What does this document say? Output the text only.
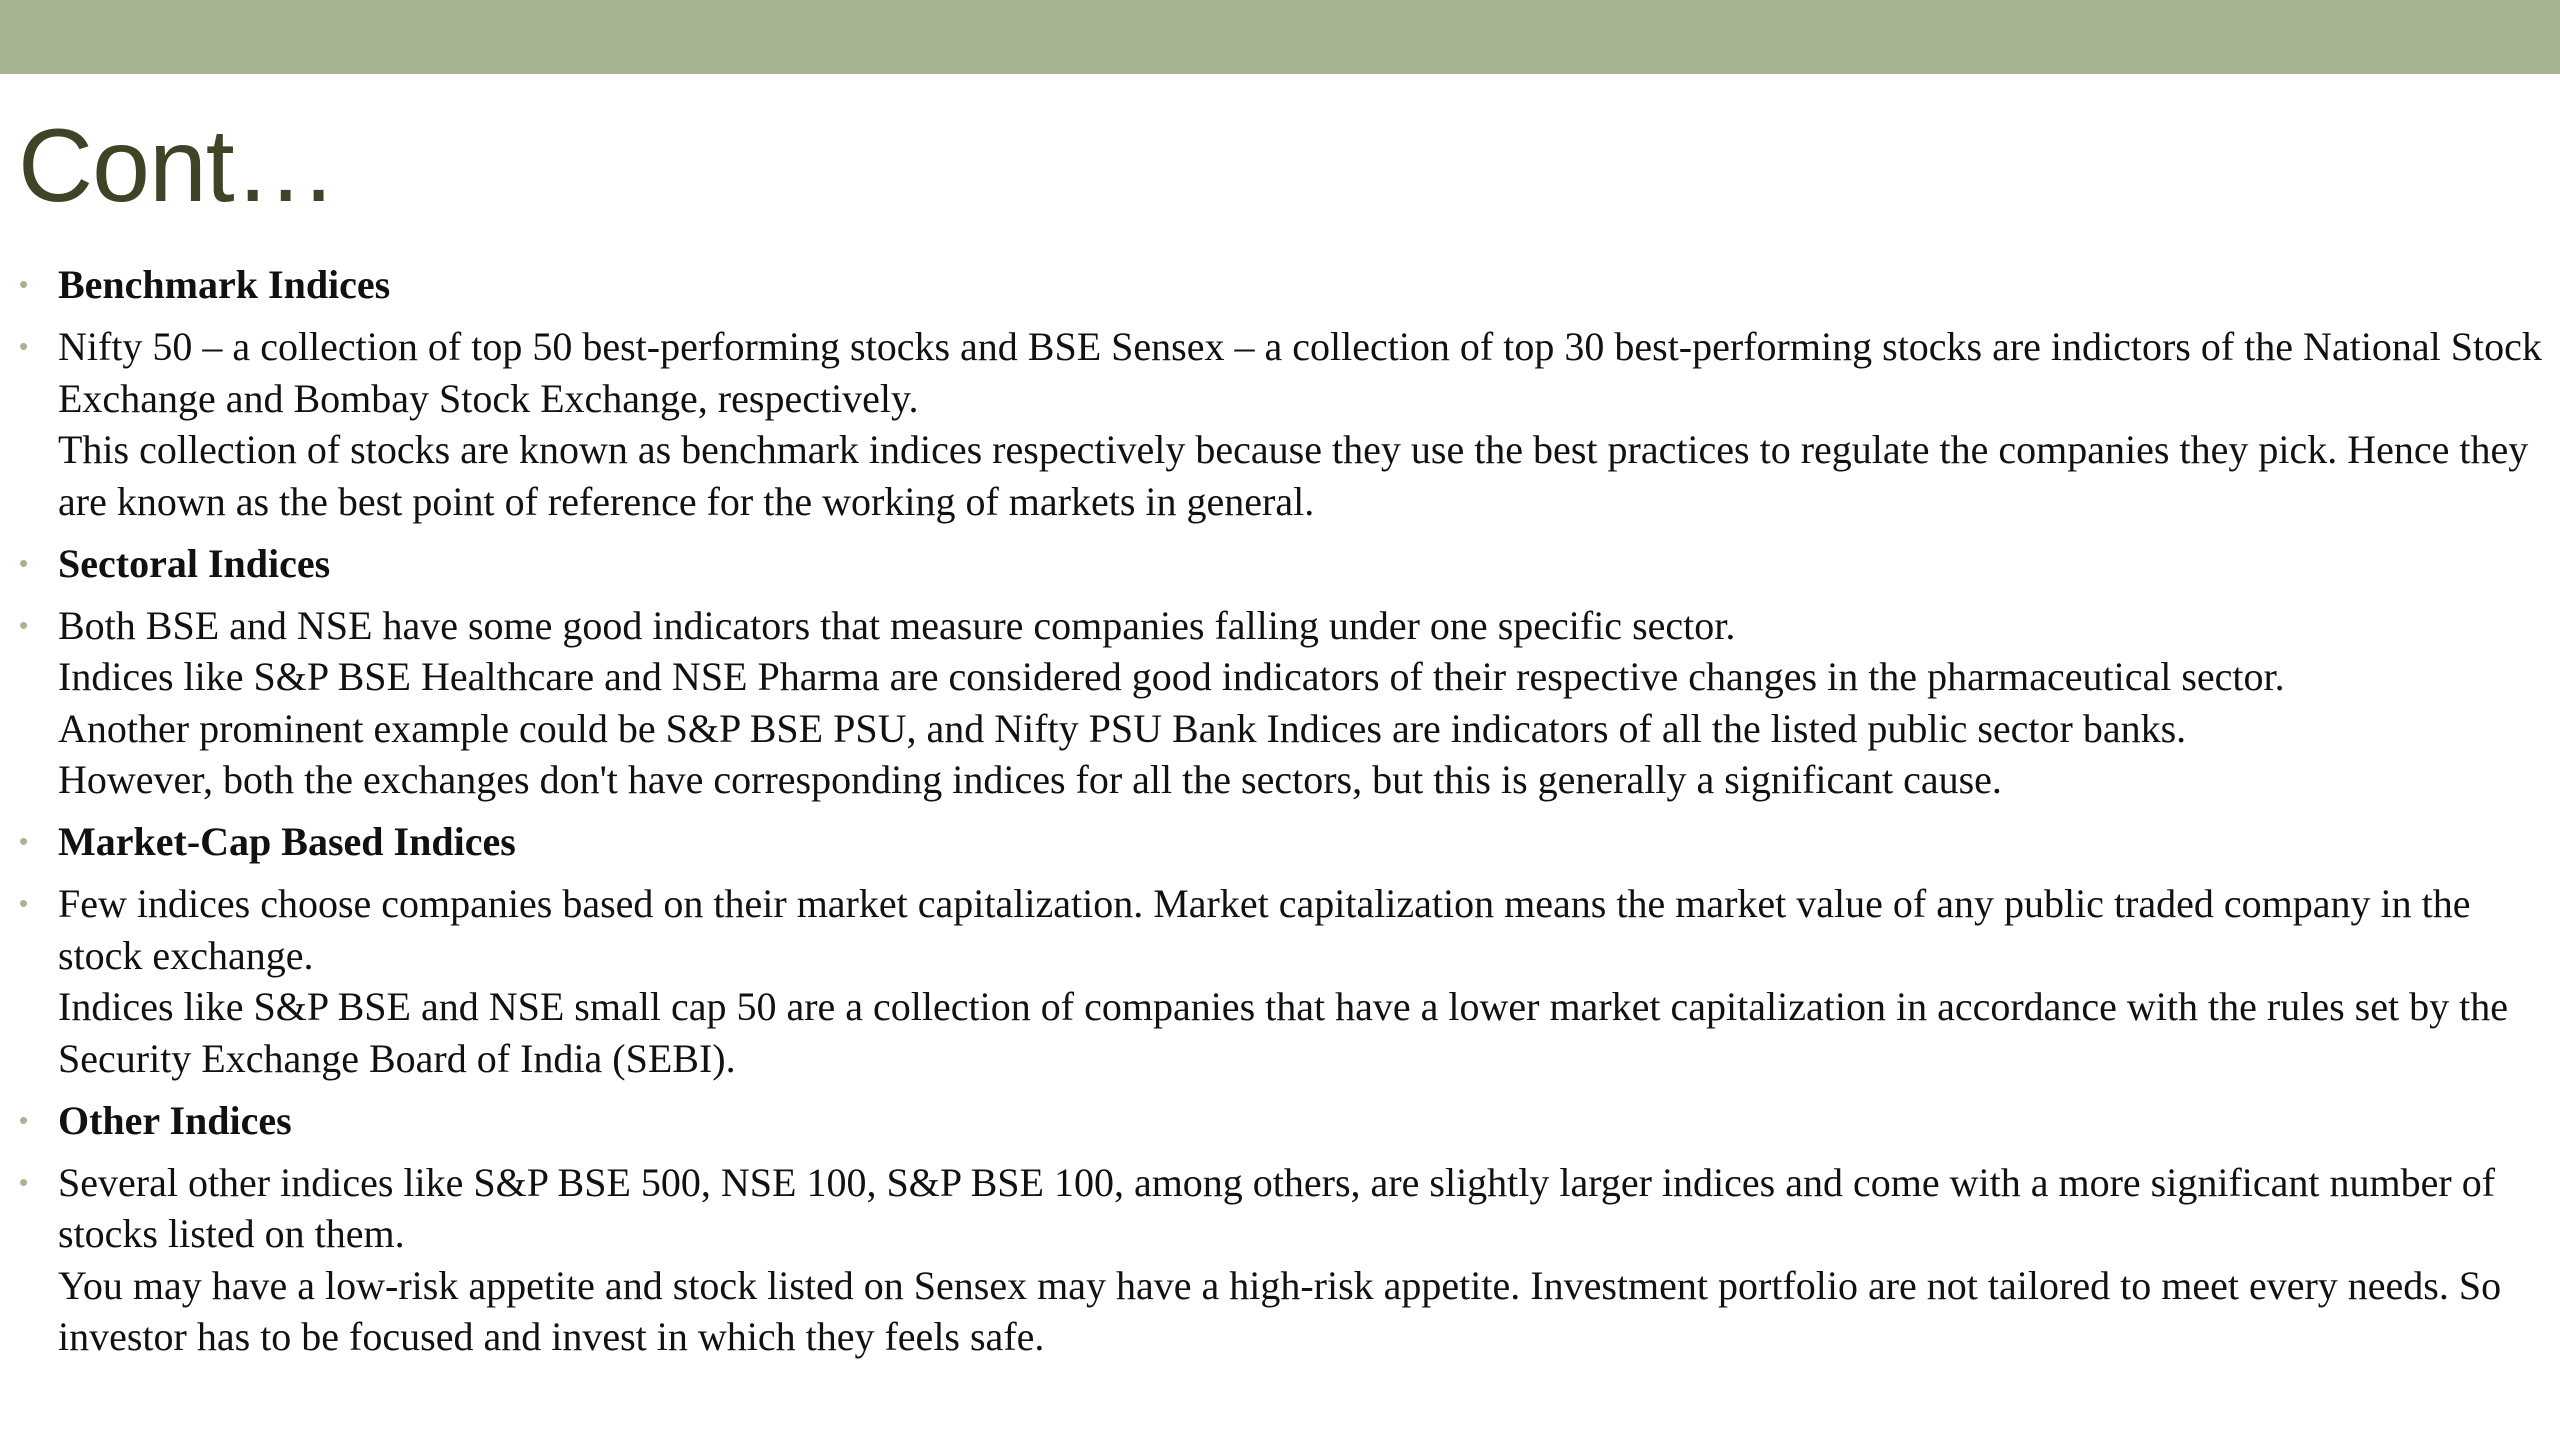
Cont…
• Benchmark Indices
• Nifty 50 – a collection of top 50 best-performing stocks and BSE Sensex – a collection of top 30 best-performing stocks are indictors of the National Stock Exchange and Bombay Stock Exchange, respectively.
This collection of stocks are known as benchmark indices respectively because they use the best practices to regulate the companies they pick. Hence they are known as the best point of reference for the working of markets in general.
• Sectoral Indices
• Both BSE and NSE have some good indicators that measure companies falling under one specific sector.
Indices like S&P BSE Healthcare and NSE Pharma are considered good indicators of their respective changes in the pharmaceutical sector.
Another prominent example could be S&P BSE PSU, and Nifty PSU Bank Indices are indicators of all the listed public sector banks.
However, both the exchanges don't have corresponding indices for all the sectors, but this is generally a significant cause.
• Market-Cap Based Indices
• Few indices choose companies based on their market capitalization. Market capitalization means the market value of any public traded company in the stock exchange.
Indices like S&P BSE and NSE small cap 50 are a collection of companies that have a lower market capitalization in accordance with the rules set by the Security Exchange Board of India (SEBI).
• Other Indices
• Several other indices like S&P BSE 500, NSE 100, S&P BSE 100, among others, are slightly larger indices and come with a more significant number of stocks listed on them.
You may have a low-risk appetite and stock listed on Sensex may have a high-risk appetite. Investment portfolio are not tailored to meet every needs. So investor has to be focused and invest in which they feels safe.
